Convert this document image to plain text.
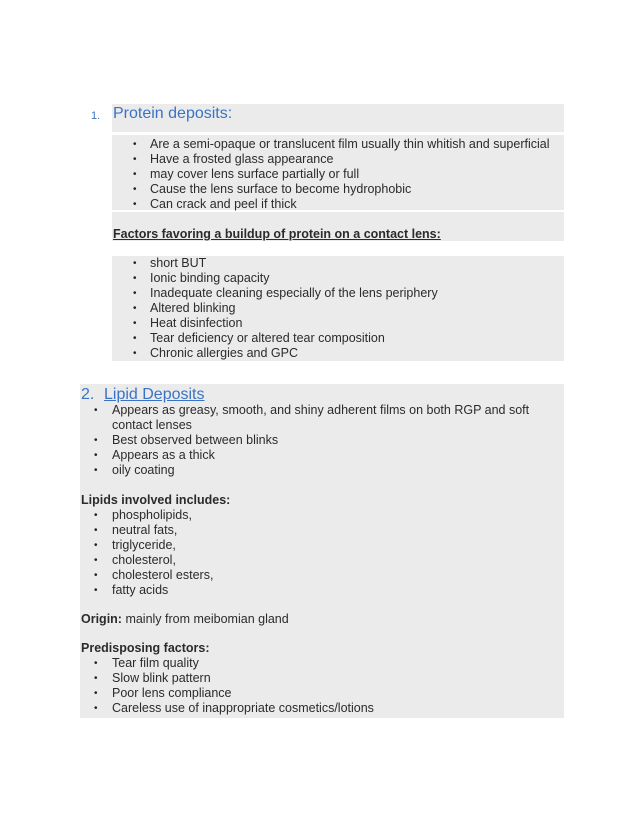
1. Protein deposits:
• Are a semi-opaque or translucent film usually thin whitish and superficial
• Have a frosted glass appearance
• may cover lens surface partially or full
• Cause the lens surface to become hydrophobic
• Can crack and peel if thick
Factors favoring a buildup of protein on a contact lens:
• short BUT
• Ionic binding capacity
• Inadequate cleaning especially of the lens periphery
• Altered blinking
• Heat disinfection
• Tear deficiency or altered tear composition
• Chronic allergies and GPC
2. Lipid Deposits
• Appears as greasy, smooth, and shiny adherent films on both RGP and soft
contact lenses
• Best observed between blinks
• Appears as a thick
• oily coating
Lipids involved includes:
• phospholipids,
• neutral fats,
• triglyceride,
• cholesterol,
• cholesterol esters,
• fatty acids
Origin: mainly from meibomian gland
Predisposing factors:
• Tear film quality
• Slow blink pattern
• Poor lens compliance
• Careless use of inappropriate cosmetics/lotions
